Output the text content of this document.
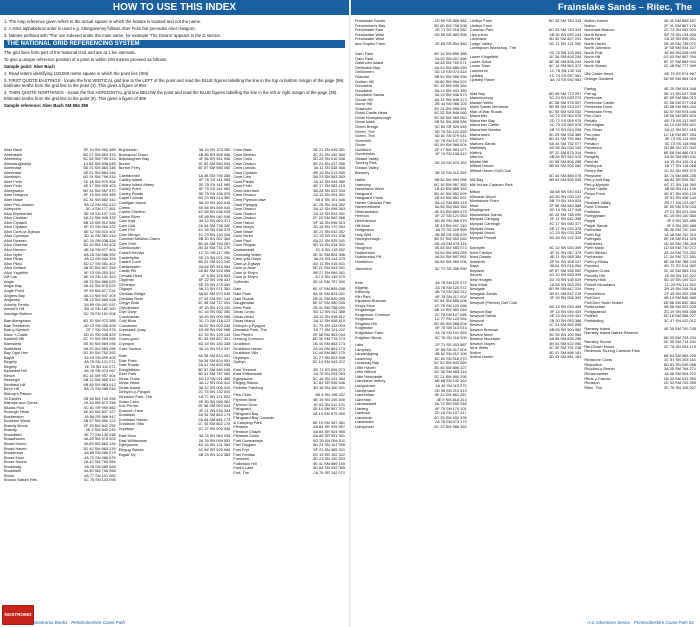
HOW TO USE THIS INDEX

1. The map reference given refers to the actual square in which the feature is located and not the name.

2. A strict alphabetical order is used e.g. Abergavenny follows Aber Felin but precedes Aber Hasgorn.

3. Names prefixed with 'The' are indexed under the main name, for example 'The Downs' appears in the D section

THE NATIONAL GRID REFERENCING SYSTEM

The grid lines form part of the National Grid and are at 1 km intervals.

To give a unique reference position of a point to within 100 metres proceed as follows:

Sample point: Aber Bach

1. Read letters identifying 100,000 metre square in which the point lies (SM)

2. FIRST QUOTE EASTINGS - locate the first VERTICAL grid line to the LEFT of the point and read the BLUE figures labelling the line in the top or bottom margin of the page (99). Estimate tenths from the grid line to the point (4). This gives a figure of 994

3. THEN QUOTE NORTHINGS - locate the first HORIZONTAL grid line BELOW the point and read the BLUE figures labelling the line in the left or right margin of the page (38). Estimate tenths from the grid line to the point (9). This gives a figure of 389

Sample reference: Aber Bach SM 994 389

Aber Bach	5F 15 SM 994 389
Abercastle	5D 27 SM 853 333
Abereiddy	5C 54 SM 795 313
Aberdaugleddyf	14 6Z SM 835 045
Abermawr	5E 21 SM 884 346
Abermawr	5E 21 SM 884 346
Aberbach	6D 24 SM 796 314
Aber Felin	1E 18 SM 979 394
Aber Felin	4E 17 SM 928 403
Abergwaun	6D 14 SM 957 370
Aber Hasgorn	5F 15 SM 994 389
Aber Mawr	3C 34 SM 882 342
Aber Pen-clawdd	3A 12 SN 002 412
Aberporth	5C 4 SN 177 461
Afon Brynberian	5E 19 SN 107 333
Afon Cleddau	5A 22 SM 945 333
Afon Clydach	6B 18 SM 912 384
Afon Clydach	6F 21 SN 054 322
Afon Cwm-yr-Eglwys	6E 12 SN 010 401
Afon Cynnwys	3D 11 SN 081 414
Afon Dweran	6C 20 SN 036 326
Afon Glandwr	3D 19 SM 194 402
Afon Nevern	4B 16 SN 077 401
Afon Nyfer	6A 16 SN 088 392
Afon Pibau	3A 12 SN 044 393
Afon Pilau	5D 17 SN 081 402
Afon Solfach	4B 30 SM 807 255
Afon Ysgethin	5F 13 SN 053 397
Allt Las	6E 19 SN 101 323
Angle	4B 78 SM 866 029
Angle Bay	3A 34 SM 878 024
Angle Point	3F 35 SM 877 031
Anglers Bay	3A 14 SM 947 404
Anglesey	2B 14 SM 865 028
Arfordir Penfro	3A 89 SN 091 037
Arnold's Hill	3B 11 SN 182 100
Astridge Bottom	5C 76 SN 151 008
Bae Abergwaun	4D 15 SM 973 385
Bae Trefdraeth	4D 13 SN 036 408
Bae-y-Mynach	2F 7 SN 224 475
Banc Y-Castel	6D 21 SN 038 329
Bankhill Hill	2C 79 SM 993 056
Barnsleas	5E 30 SM 969 296
Battlefield	5A 30 SM 969 296
Bay Ogof Hen	2D 39 SM 752 292
Bayvil	3A 15 SN 099 405
Begelly	4A 78 SN 121 071
Begelly	1E 78 SN 111 071
Belvidere Hill	4A 78 SN 074 067
Bench	6C 14 SM 957 404
Bessegin	4B 14 SM 955 412
Bentlass Hill	4B 58 SM 963 013
Birch Hill	5A 70 SN 086 044
Bishop's Palace
St David's	2B 36 SM 749 256
Bishops and Clerks	2A 34 SM 672 256
Blucks Pool	4C 81 SR 995 982
Borough Head	4E 45 SM 837 127
Bosherston	1A 88 SR 966 947
Boulston Wood	4B 57 SM 950 122
Brandy Brook	2F 39 SM 842 255
Brawdy	4E 9 SM 849 245
Broadfield	4E 77 SN 130 036
Broadhaven	4A 39 SM 978 002
Broad Haven	3A 69 SM 863 139
Broad Haven	3D 42 SM 863 139
Broadmoor	4A 69 SN 086 079
Broad Moor	4A 70 SN 086 079
Broad Sound	2A 42 SM 766 084
Broadway	1A 76 SN 085 065
Broadwell	4A 40 SM 798 068
Brook	4A 77 SN 101 082
Brooks Nature Res.	3C 78 SN 133 095
Brynberian	3A 19 SN 103 350
Buckspool Down	4B 88 SR 958 936
Bullslaughter Bay	4F 86 SR 941 946
Burton	1E 52 SM 984 054
Burton Ferry	5E 57 SM 983 050
Caerfarchell	1A 38 SM 795 268
Caldey Island	6F 75 SS 141 965
Caldey Island Abbey	2E 75 SS 141 965
Caldey Point	6F 75 SS 141 962
Caldey Roads	5E 75 SS 136 975
Capel Colman	6D 23 SN 214 382
Cardigan Island	5A 29 SN 160 516
Carew	5E 68 SN 045 040
Carew Cheriton	4C 68 SN 046 028
Carew River	6E 68 SN 040 046
Carn Ingli	3A 12 SN 063 371
Carn Llidi	2A 34 SM 738 280
Carn Ffoi	4C 18 SN 048 379
Carn Menyn	1C 23 SN 143 326
Carnedd Meibion-Owen	5B 20 SN 092 364
Carn Gelli	3B 45 SM 753 267
Carnllundain	2B 34 SM 731 270
Castell Henllys	1C 31 SN 117 390
Castlebythe	3E 23 SN 021 290
Castell Coch	3B 22 SM 913 340
Castlemartin	2A 84 SR 915 984
Castle Pill	2A 80 SM 928 058
Cemais Head	1F 8 SN 125 503
Cilgerran	6F 22 SN 196 431
Cilrhedyn	6E 19 SN 278 349
Cilgwyn	5A 13 SN 071 362
Cleddau Bridge	3A 62 SM 974 045
Cleddau River	1F 43 SM 997 142
Clegyr Boia	3C 38 SM 737 251
Clynderwen	4F 33 SN 120 190
Clyn Gwyn	5C 16 SN 052 300
Coedcanlas	3A 49 SN 009 088
Cold Blow	3C 71 SN 116 123
Cosheston	3A 57 SN 003 036
Cresswell Quay	1D 66 SN 052 066
Crinow	4C 33 SN 129 144
Croes-goch	3C 35 SM 827 301
Crymych	4D 19 SN 183 338
Cwm Gwaun	3A 14 SN 014 347
Dale	6A 38 SM 810 057
Dale Point	3A 36 SM 824 051
Dale Roads	2A 41 SM 820 055
Daugleddau	5E 57 SM 980 045
Deer Park	3B 41 SM 757 089
Dinas Cross	6D 12 SN 011 388
Dinas Head	3A 12 SN 008 412
Dinas Island	3A 12 SN 008 410
Dinbych-y-Pysgod	2C 75 SN 133 004
Dinosaur Park, The	1A 77 SN 121 022
Dolau Cwm	4E 30 SN 096 362
Doc Penfro	2E 58 SM 963 034
Draenen Fawr	3F 21 SN 036 344
Druidston	2A 44 SM 863 173
Druidston Haven	2A 44 SM 861 173
Druidston Villa	1C 44 SM 862 175
Dryslwyn	2C 27 SN 003 348
East Moor	3A 74 SN 064 034
East Williamston	2A 76 SN 094 053
Eglwyswrw	4D 16 SN 141 384
Elegug Stacks	3C 84 SR 926 946
Esgair Dy	4B 23 SN 102 383
Cwm Badu	3E 21 SN 045 351
Cwm Bertlan	3C 31 SN 152 369
Cwm Cello	5D 26 SN 010 348
Cwm Gwaun	6E 21 SN 037 356
Cwm Lleiciau	3A 11 SN 028 368
Cwm Clydach	6B 10 SN 013 359
Cwm Criw	5B 23 SN 063 353
Cwm Ffedw	3A 12 SN 044 380
Cwm Felin	6E 17 SN 083 415
Cwm-felin-fach	5B 28 SN 023 344
Cwm Gwaun	2A 13 SN 004 391
Cwm Plysnon-fawr	5B 8 SN 101 446
Cwm Plysgog	4C 28 SN 104 382
Cwm Gwaun	5A 12 SN 055 363
Cwm Gwaun	2A 13 SN 004 391
Cwm Gwaun	2F 23 SM 962 366
Cwm Hafod	6F 18 SN 096 313
Cwm Islwyn	2D 16 SN 170 394
Cwm Mawr	3E 21 SN 042 357
Cwm Meini	2C 25 SN 011 336
Cwm Paul	5A 22 SN 025 341
Cwm Rhigian	5D 13 SN 034 392
Cwmdreedd	2C 8 SN 115 452
Cwmwdig Water	3E 31 SM 804 306
Cwm-ydd-Gwyn	3A 24 SN 114 379
Cwm-yr-Eglwys	6D 11 SN 015 401
Cwm yr Arian	5D 21 SM 943 341
Cwm yr Ebyrn	5B 27 SN 069 361
Cwm yr Ebyrn	2C 9 SN 135 479
Cyffredin	3D 11 SM 797 300
Dale	6E 47 SM 809 058
Dale Point	3A 41 SM 824 051
Dale Roads	2B 41 SM 820 055
Daugleddau	6E 57 SM 980 045
Deer Park	2B 41 SM 758 090
Dinas Cross	6D 12 SN 011 388
Dinas Head	3A 12 SN 008 412
Dinas Island	3A 12 SN 008 410
Dinbych-y-Pysgod	2C 75 SN 133 004
Dinosaur Park, The	1A 77 SN 121 022
Doc Penfro	2E 58 SM 963 034
Dowrog Common	6D 30 SM 778 274
Druidston	1B 44 SM 863 173
Druidston Haven	2A 44 SM 861 173
Druidston Villa	1C 44 SM 862 175
Dryslwyn	2C 27 SN 003 348
Dyffryn	5C 14 SM 943 372
East Trewent	3D 71 SS 009 973
East Williamston	2A 76 SN 094 053
Eglwyswrw	5C 16 SN 141 384
Elegug Stacks	3C 84 SR 926 946
Felindre Farchog	3D 16 SN 100 391
Ffos Cidlo	6B 6 SN 198 437
Ffynnon Bedr	6E 19 SN 105 306
Ffynnon Gron	1E 61 SN 012 101
Fishguard	3E 14 SM 957 370
Fishguard Bay	4A 15 SM 975 390
Fishguard Bay Caravan
& Camping Park	6E 15 SM 987 381
Flimston	5A 84 SR 925 957
Flimston Chapel	5A 84 SR 924 955
Flimston Down	6A 86 SR 931 941
Foel Cwmcerwyn	6D 25 SN 094 311
Foel Drygarn	5D 24 SN 157 336
Foel Eryr	5F 21 SN 065 321
Foel Feddau	2D 19 SN 102 322
Foelcwm	3D 23 SN 120 303
Folkeston Hill	4E 41 SM 869 190
Ford's Lake	6D 64 SN 032 065
Fort, The	2A 78 SR 142 071
NOSTROMO
Nostromo Books · Pembrokeshire Coast Path
Frainslake Sands – Ritec, The
Frainslake Sands	2D 65 SR 888 982
Frenchman's Bay	5D 80 SM 798 005
Freshwater East	2E 71 SS 018 982
Freshwater West	5D 65 SR 883 996
Freshwater West
and Gupton Farm	2E 65 SR 894 980
Garn Fawr	6D 16 SM 895 388
Garn Fawr	2A 20 SM 007 366
Gateholm Island	4A 46 SM 769 071
Gelliswick Bay	5A 54 SM 886 055
Gellionnen	3D 10 SN 074 418
Glandwr	6B 54 SM 956 056
Golden Hill	3A 60 SM 984 022
Goodwick	6C 15 SM 945 384
Goodwick	5A 14 SM 943 389
Goodwick Sands	3A 14 SM 946 373
Goose Hill	6A 14 SM 946 373
Gorse Hill	2B 44 SN 068 103
Grasholm	4D 24 SM 596 091
Great Castle Head	5C 52 SM 848 060
Great Honeyborough	5C 58 SM 960 062
Great Nash	5B 54 SM 898 084
Green Bridge	3C 84 SR 925 946
Green, The	3D 76 SN 120 052
Green, The	4D 81 SN 079 041
Greenhill	4C 78 SN 147 074
Grove	5D 59 SM 988 004
Guildford	2F 17 SM 993 077
Gumfreston	1F 74 SN 108 012
Gwaun Valley
Touring Park	3D 23 SN 975 352
Gwaun Valley
Brewery	3B 20 SN 012 352
Hakin	5B 54 SM 894 056
Harmony	6C 16 SM 967 365
Haroldston West	1B 42 SM 865 153
Hasguard	6D 40 SM 852 099
Hasguard Cross	2B 44 SM 851 097
Haven Caravan Park	5A 42 SM 855 115
Haverfordwest	6A 56 SM 954 152
Herbrandston	4E 53 SM 869 075
Hermon	5F 27 SN 121 063
Heronsmoor	6D 80 SN 065 079
Hill Moor	3E 43 SM 997 140
Hodgeston	3A 70 SS 029 995
Holy Well	4B 86 SR 938 939
Honeyborough	5D 57 SM 953 062
Hook	6D 43 SM 979 116
Houghton	3E 58 SM 983 073
Hubberston	3A 54 SM 893 059
Hubberston Pill	4A 54 SM 897 061
Hundleton	5A 58 SM 960 006
Jameston	3C 72 SS 056 990
Kete	4A 78 SN 120 072
Kilgetty	2A 78 SN 120 072
Kilkenny	4B 74 SN 063 012
Kiln Park	6F 75 SN 117 002
Kilpaison Burrows	5C 64 SM 885 006
King's Moor	2C 78 SN 120 066
Kingsbridge	6B 14 SM 982 048
Kingsmoor Common	3C 78 SN 127 065
Kingsmoor	1C 77 SN 124 064
Kingston Hill	6D 58 SM 988 004
Knightston	6F 75 SN 114 013
Knightston Farm	4A 78 SN 101 063
Knighton Brook	5C 76 SN 118 005
Lake	2F 71 SS 003 987
Lamphey	1F 69 SN 017 004
Landshipping	4B 62 SN 012 109
Lawrenny	6C 61 SN 016 070
Lindsway Bay	5C 52 SM 843 060
Little Haven	3D 45 SM 856 127
Little Milford	6C 56 SM 968 114
Little Newcastle	2C 21 SM 990 290
Llanddewi Velfrey	6B 66 SN 142 162
Llangolman	1A 40 SN 113 270
Llanfyrnach	2D 39 SN 219 313
Llanreithan	5E 24 SM 861 287
Llanrhian	4E 9 SM 818 314
Llanstadwell	2A 72 SM 950 048
Llanteg	4F 75 SN 179 101
Llantood	2D 16 SN 157 417
Llanwnda	6C 33 SM 932 395
Llawhaden	2A 78 SN 073 173
Llanychaer	3C 23 SM 986 353
Lleithyr Farm	6C 33 SM 783 315
Lleithyr Farm
Caravan Park	6C 33 SM 745 313
Llys-y-fran	4B 30 SN 040 244
Lochvane	4D 39 SM 827 231
Lodge Valley	5C 71 SN 121 090
Lovespoon Workshop, The
2D 76 SN 103 053
Lower Kingsfield	1E 38 SM 805 244
Lower Solva	6E 38 SM 806 244
Lower Town	4C 14 SM 963 372
Ludchurch	1C 78 SN 140 110
Lydstep	1C 74 SS 087 981
Lydstep Haven	4A 74 SS 092 981
Mad Bay	6D 49 SM 772 097
Maenclochog	5C 23 SN 083 273
Maiden Wells	6C 58 SM 978 007
Malin Sands Mendmar	5B 55 SM 913 037
Man of War Roads	6C 54 SM 928 032
Manorbier	3C 72 SS 064 976
Manorbier Bay	2D 72 SS 059 975
Manorbier Castle	3C 73 SS 064 978
Manorbier Newton	4B 72 SN 043 008
Manorowen	3C 25 SM 936 365
Marloes	5D 41 SM 790 084
Marloes Sands	6A 44 SM 782 077
Martletwy	4D 65 SN 034 103
Mathry	5F 22 SM 879 319
Merrion	4B 84 SR 942 975
Middle Mill	1D 38 SM 806 258
Milford Haven	5B 53 SM 904 060
Milford Haven Golf Club
3C 44 SM 888 078
Mill Bay	6B 43 SM 809 033
Mill House Caravan Park
Milton	5A 68 SN 040 031
Minwear Wood	4D 50 SN 030 129
Monkstone Point	5B 79 SN 149 025
Moor	2F 56 SM 962 088
Moylegrove	5C 10 SN 117 446
Musselwick Sands	2E 43 SM 785 090
Mynydd Caregog	2F 21 SN 042 358
Mynydd Carningli	4C 17 SN 060 377
Mynydd Dinas	5E 17 SN 020 378
Mynydd Morvil	1C 23 SN 033 328
Mynydd Preseli	5D 18 SN 122 325
Nanhyfer	5C 10 SN 083 399
Nant Cledlyn	4F 11 SN 087 379
Nant Gwaun	4E 11 SN 065 384
Narberth	2F 51 SN 108 147
Nash	3A 61 SN 016 064
Neyland	6F 57 SM 965 052
Nevern	4C 10 SN 083 399
New Hedges	2D 76 SN 130 029
New Moat	1A 53 SN 063 253
Newgale	6D 39 SM 847 224
Newgale Sands	2B 41 SM 847 215
Newport	3F 33 SN 058 392
Newport (Pembs) Golf Club
6D 13 SN 053 408
Newport Bay	4F 13 SN 040 403
Newport Sands	4E 13 SN 049 401
Newport	2B 30 SN 053 386
Newton	1C 31 SM 952 095
Newton Burrows	6B 83 SR 904 982
Newton Moor	5C 54 SN 103 064
Newton Mountain	5A 35 SM 826 256
Newton Noyes	4B 54 SM 922 050
Nine Wells	3C 30 SM 791 238
Nolton	4E 41 SM 866 181
Nolton Haven	3D 41 SM 861 183
Nolton Haven	4D 41 SM 859 187
Nolton	2F 41 SM 867 176
Norchard Beacon	2C 73 SN 082 002
North Beach	6F 75 SN 134 006
North Hill	2A 15 SN 095 401
North Haven	2B 49 SM 736 072
North Johnston	1F 55 SM 934 107
North Pole	4E 68 SN 058 049
North Hill	2G 63 SM 867 094
North Hill	6F 37 SM 869 942
North Stream	2C 48 SM 777 069
Old Castle Head	6E 73 SS 074 967
Orange Gardens	6D 59 SM 984 019
Pantyg	4E 25 SM 924 346
Parrog	5E 13 SN 047 398
Pembroke	6F 59 SM 986 013
Pembroke Castle	4C 58 SM 977 016
Pembroke Dock	2E 58 SM 963 034
Pembroke Ferry	6D 57 SM 974 046
Pen-Caer	1B 56 SM 895 403
Penally	6D 75 SS 117 992
Pen Anglas	4A 14 SM 949 401
Pen Dinas	3A 12 SN 007 415
Pen-parc	1C 18 SM 857 254
Penally	2E 74 SS 114 990
Penalun	3C 74 SS 118 996
Pendleton	2D 56 SN 137 042
Penfro	6E 58 SM 986 013
Pengelly	3A 30 SM 960 011
Penrhiw	4A 15 SN 126 014
Pentlepoir	1B 77 SN 118 068
Pentre Ifan	1C 22 SN 099 370
Penycwm	3A 74 SM 848 236
Pen-y-holt Bay	4B 84 SR 908 957
Pen-y-Mynydd	6C 17 SN 116 390
Picton Castle	3B 58 SN 011 135
Picton Point	4D 57 SN 000 120
Pill	3F 51 SN 098 149
Pleasant Valley	2B 77 SN 123 067
Point Thomas	3E 59 SM 976 033
Pontfaen	2F 21 SN 023 340
Pontyglasier	6C 19 SN 140 364
Poppit	3F 9 SN 153 485
Poppit Sands	4F 9 SN 150 488
Porthclais	4B 38 SM 740 242
Porth Egr	1A 48 SM 742 324
Porthgain	5E 28 SM 814 325
Porthkerry	4D 40 SM 738 263
Porth Mawr	1D 34 SM 730 272
Porth Stinian	2A 34 SM 723 252
Porthselau	1C 34 SM 727 261
Porth-y-Rhaw	6E 38 SM 786 243
Portclew	6D 72 SS 014 982
Poyston Cross	3C 40 SM 965 194
Precelly Hill	1E 55 SN 112 322
Presely Hills	5D 19 SN 149 322
Preseli Mountains	1C 24 SN 111 322
Priory	2B 19 SN 154 318
Puncheston	2F 45 SN 009 298
Pwll Deri	4B 14 SM 888 385
Pwll Deri Youth Hostel	6D 56 SM 892 384
Pwllcrochan	4B 58 SM 922 025
Pwllgwaelod	2D 19 SN 005 398
Pwllheli	5D 18 SM 988 027
Pwllwhiting	3C 47 SN 122 012
Ramsey Island	4E 35 SM 700 235
Ramsey Island Nature Reserve
6D 33 SM 703 234
Ramsey Sound	4C 35 SM 714 241
Red Down Moors	2C 78 SN 053 170
Redbrook Touring Caravan Park
6B 54 SM 965 205
Redstone Cross	1C 51 SN 103 151
Reynalton	6D 53 SN 095 088
Rhodiad-y-Brenin	3A 35 SM 764 271
Rhoscrowther	1A 36 SM 904 022
Rhos-y-Caerau	1B 43 SM 913 390
Rhosson	2D 34 SM 725 253
Ritec, The	3C 76 SN 106 007
A-Z Adventure Series · Pembrokeshire Coast Path 81
